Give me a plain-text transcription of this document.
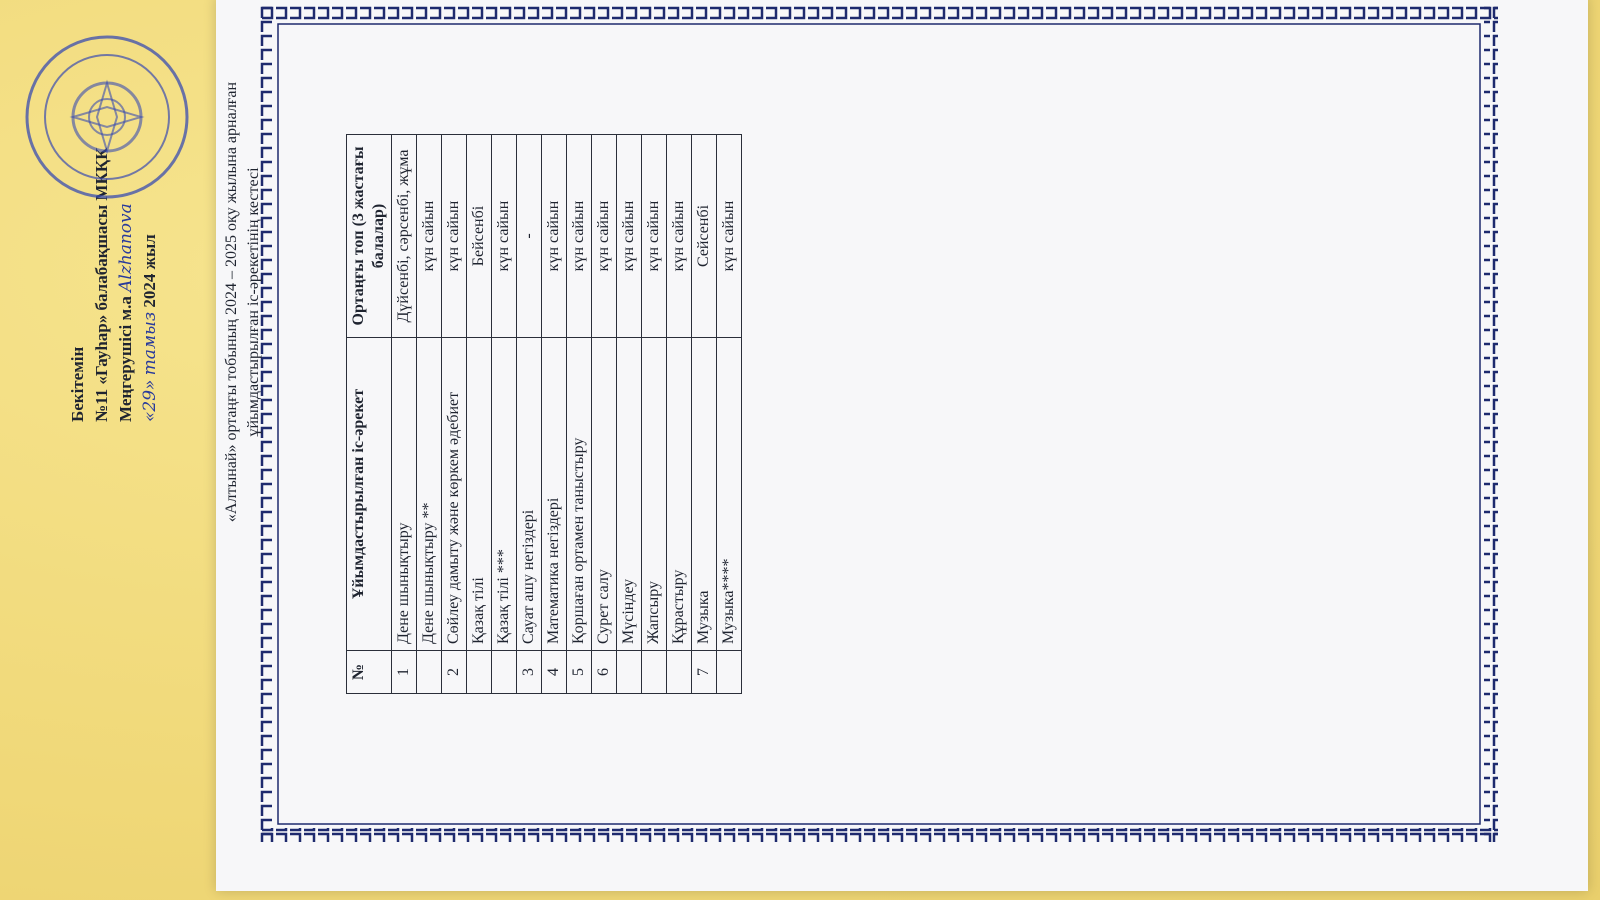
Бекітемін №11 «Гауһар» балабақшасы МКҚК Меңгерушісі м.а Alzhanova
«29» тамыз 2024 жыл	«Алтынай» ортаңғы тобының 2024 – 2025 оқу жылына арналған ұйымдастырылған іс-әрекетінің кестесі
№	Ұйымдастырылған іс-әрекет	Ортаңғы топ (3 жастағы балалар)
1	Дене шынықтыру	Дүйсенбі, сәрсенбі, жұма
	Дене шынықтыру **	күн сайын
2	Сөйлеу дамыту және көркем әдебиет	күн сайын
	Қазақ тілі	Бейсенбі
	Қазақ тілі ***	күн сайын
3	Сауат ашу негіздері	-
4	Математика негіздері	күн сайын
5	Қоршаған ортамен таныстыру	күн сайын
6	Сурет салу	күн сайын
	Мүсіндеу	күн сайын
	Жапсыру	күн сайын
	Құрастыру	күн сайын
7	Музыка	Сейсенбі
	Музыка****	күн сайын
